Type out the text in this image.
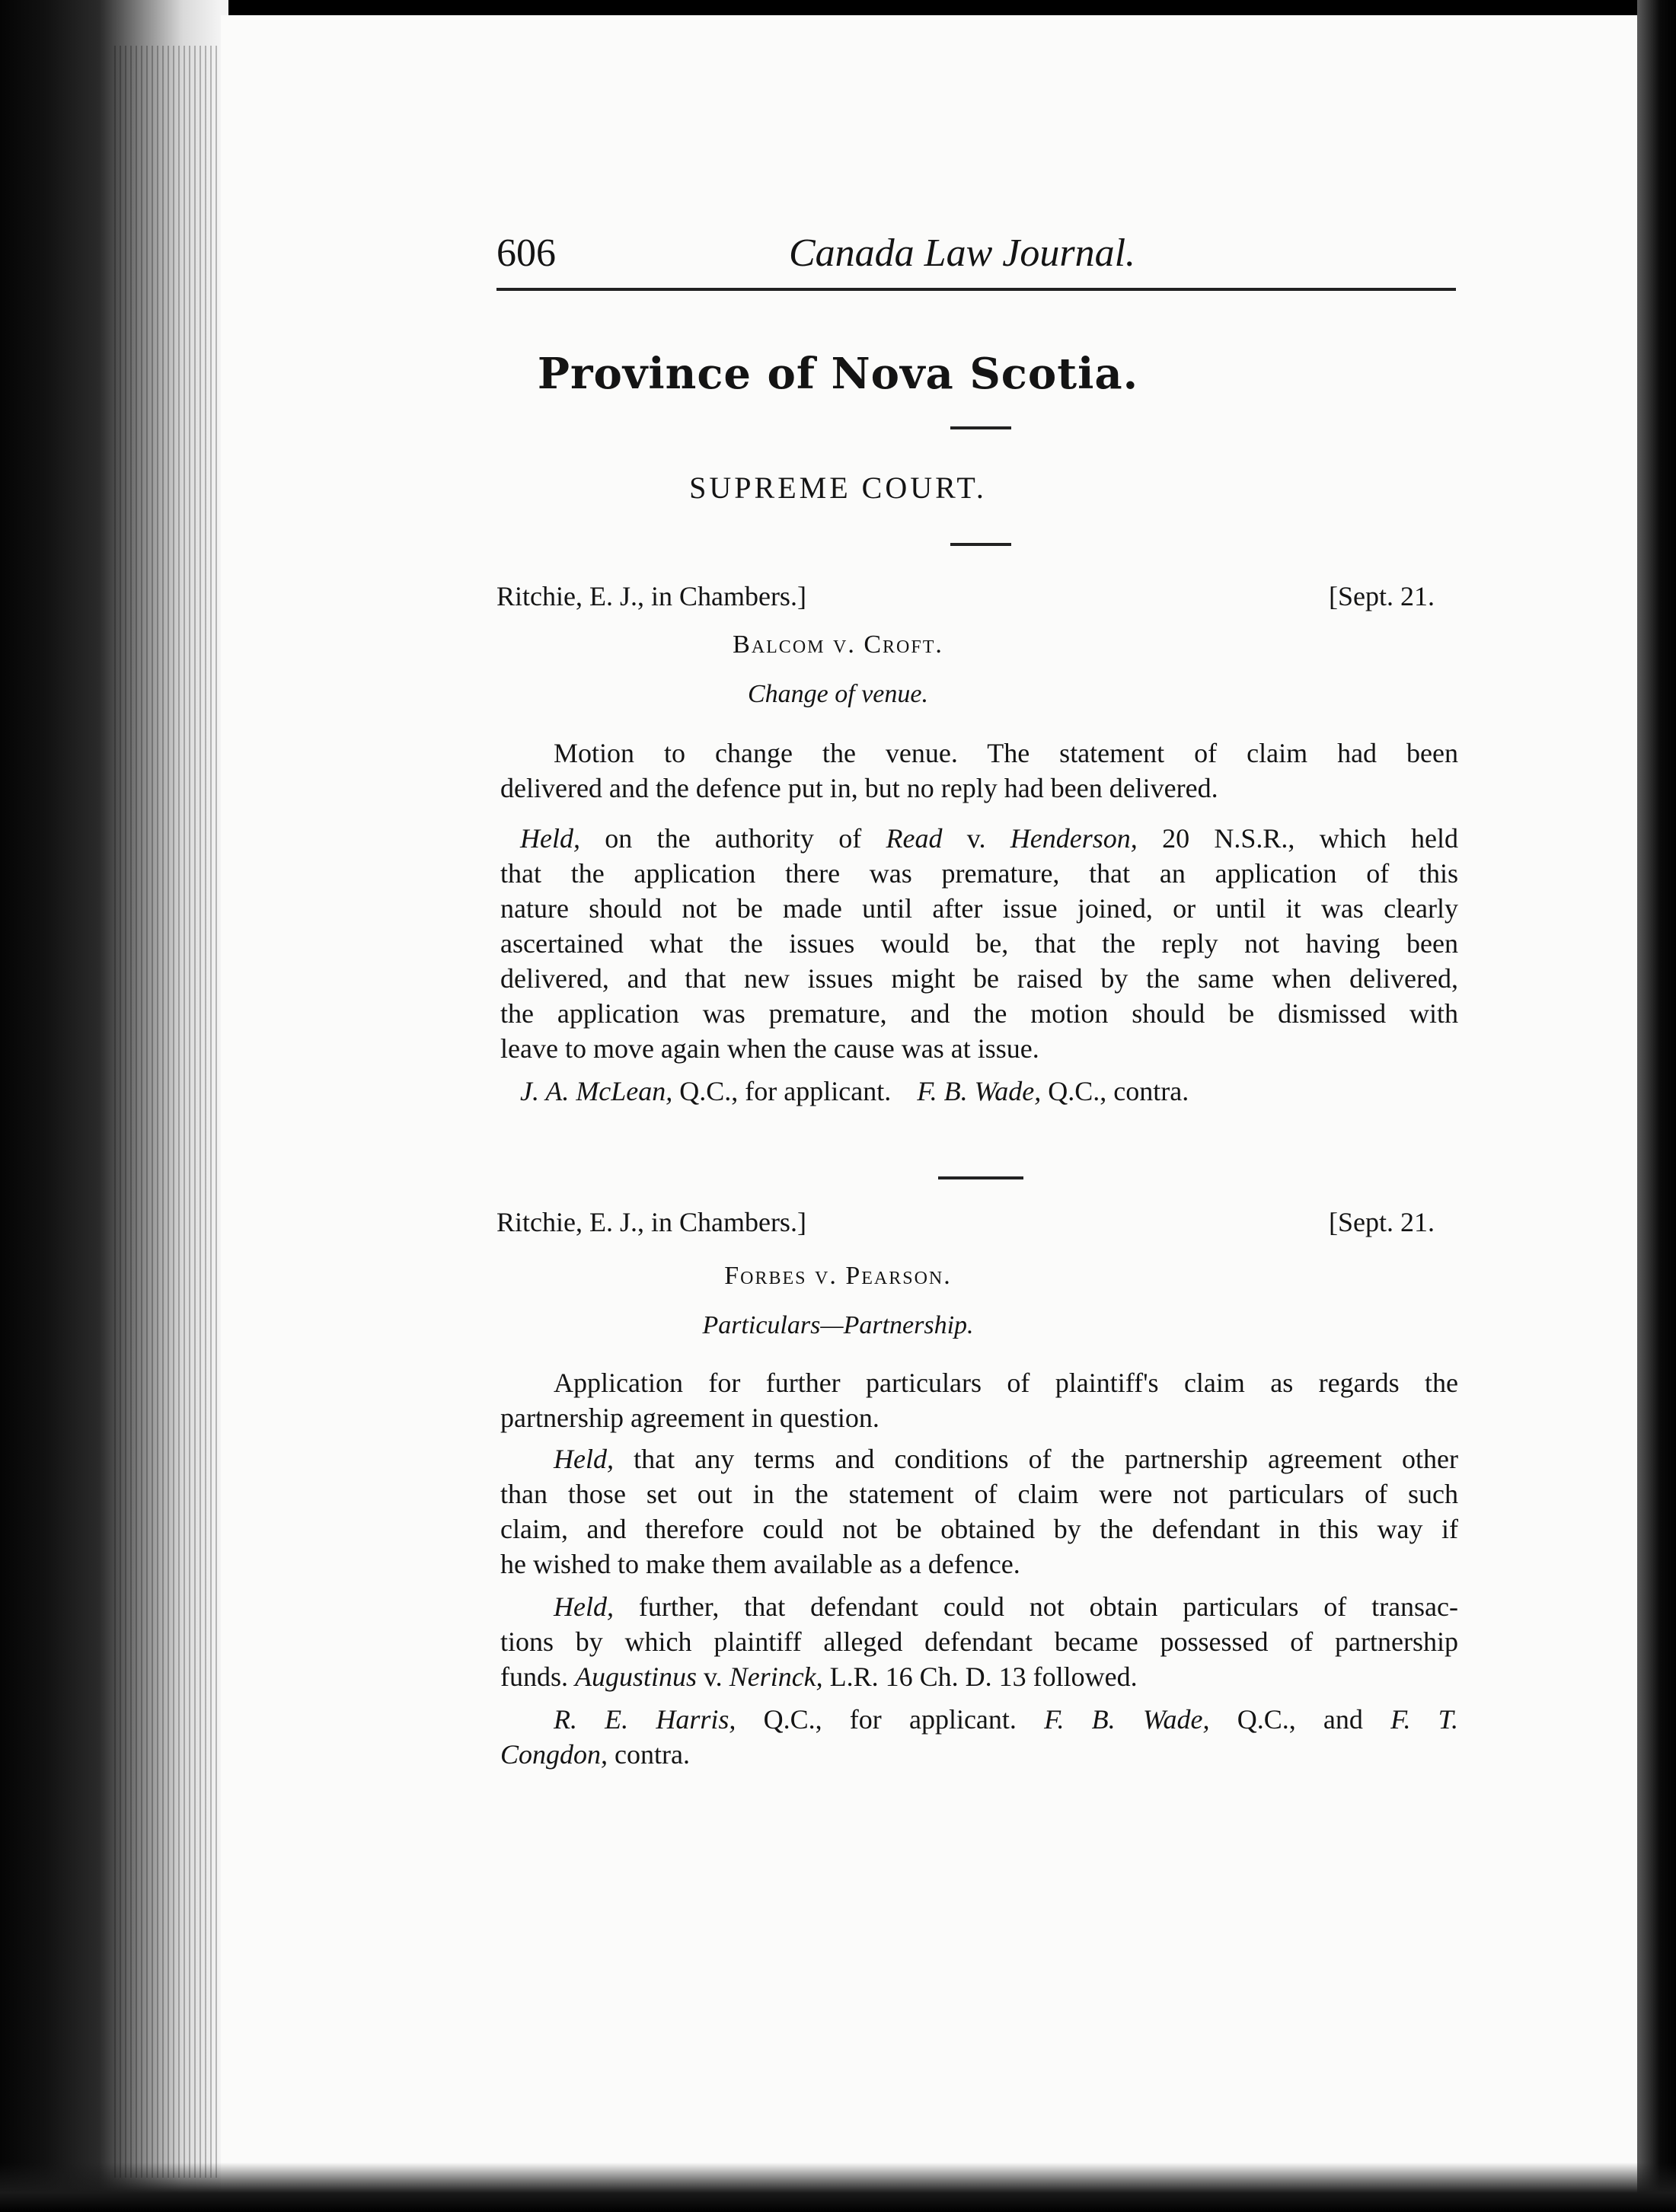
606	Canada Law Journal.
Province of Nova Scotia.
SUPREME COURT.
Ritchie, E. J., in Chambers.]	[Sept. 21.
Balcom v. Croft.
Change of venue.
Motion to change the venue. The statement of claim had been
delivered and the defence put in, but no reply had been delivered.
Held, on the authority of Read v. Henderson, 20 N.S.R., which held
that the application there was premature, that an application of this
nature should not be made until after issue joined, or until it was clearly
ascertained what the issues would be, that the reply not having been
delivered, and that new issues might be raised by the same when delivered,
the application was premature, and the motion should be dismissed with
leave to move again when the cause was at issue.
J. A. McLean, Q.C., for applicant. F. B. Wade, Q.C., contra.
Ritchie, E. J., in Chambers.]	[Sept. 21.
Forbes v. Pearson.
Particulars—Partnership.
Application for further particulars of plaintiff's claim as regards the
partnership agreement in question.
Held, that any terms and conditions of the partnership agreement other
than those set out in the statement of claim were not particulars of such
claim, and therefore could not be obtained by the defendant in this way if
he wished to make them available as a defence.
Held, further, that defendant could not obtain particulars of transac-
tions by which plaintiff alleged defendant became possessed of partnership
funds. Augustinus v. Nerinck, L.R. 16 Ch. D. 13 followed.
R. E. Harris, Q.C., for applicant. F. B. Wade, Q.C., and F. T.
Congdon, contra.
